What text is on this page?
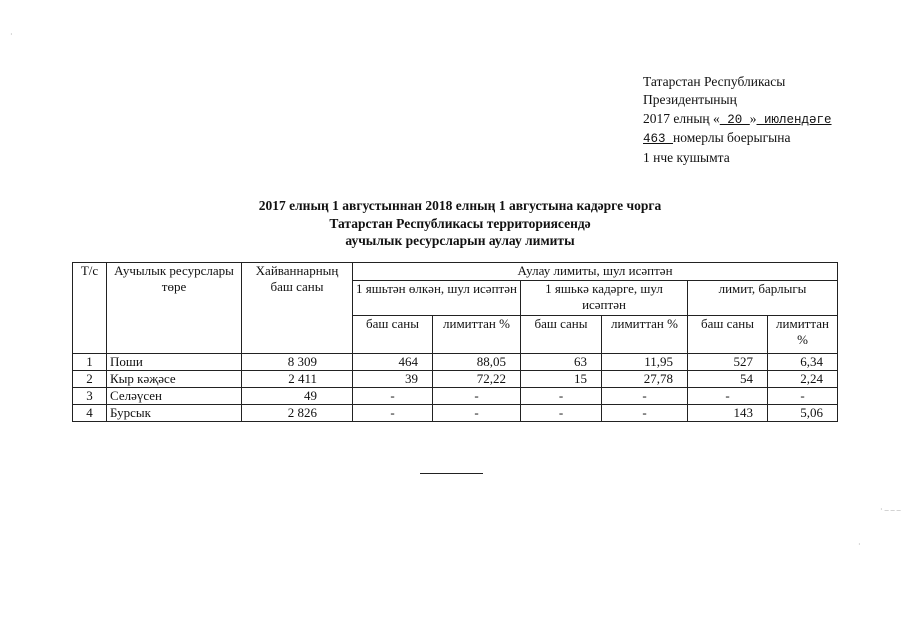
Татарстан Республикасы
Президентының
2017 елның « 20 » июлендәге
463 номерлы боерыгына
1 нче кушымта
2017 елның 1 августыннан 2018 елның 1 августына кадәрге чорга
Татарстан Республикасы территориясендә
аучылык ресурсларын аулау лимиты
Т/с	Аучылык ресурслары төре	Хайваннарның баш саны	Аулау лимиты, шул исәптән					
			1 яшьтән өлкән, шул исәптән		1 яшькә кадәрге, шул исәптән		лимит, барлыгы	
			баш саны	лимиттан %	баш саны	лимиттан %	баш саны	лимиттан %
1	Поши	8 309	464	88,05	63	11,95	527	6,34
2	Кыр кәҗәсе	2 411	39	72,22	15	27,78	54	2,24
3	Селәүсен	49	-	-	-	-	-	-
4	Бурсык	2 826	-	-	-	-	143	5,06
·
· ‒ ‒ ‒
·
